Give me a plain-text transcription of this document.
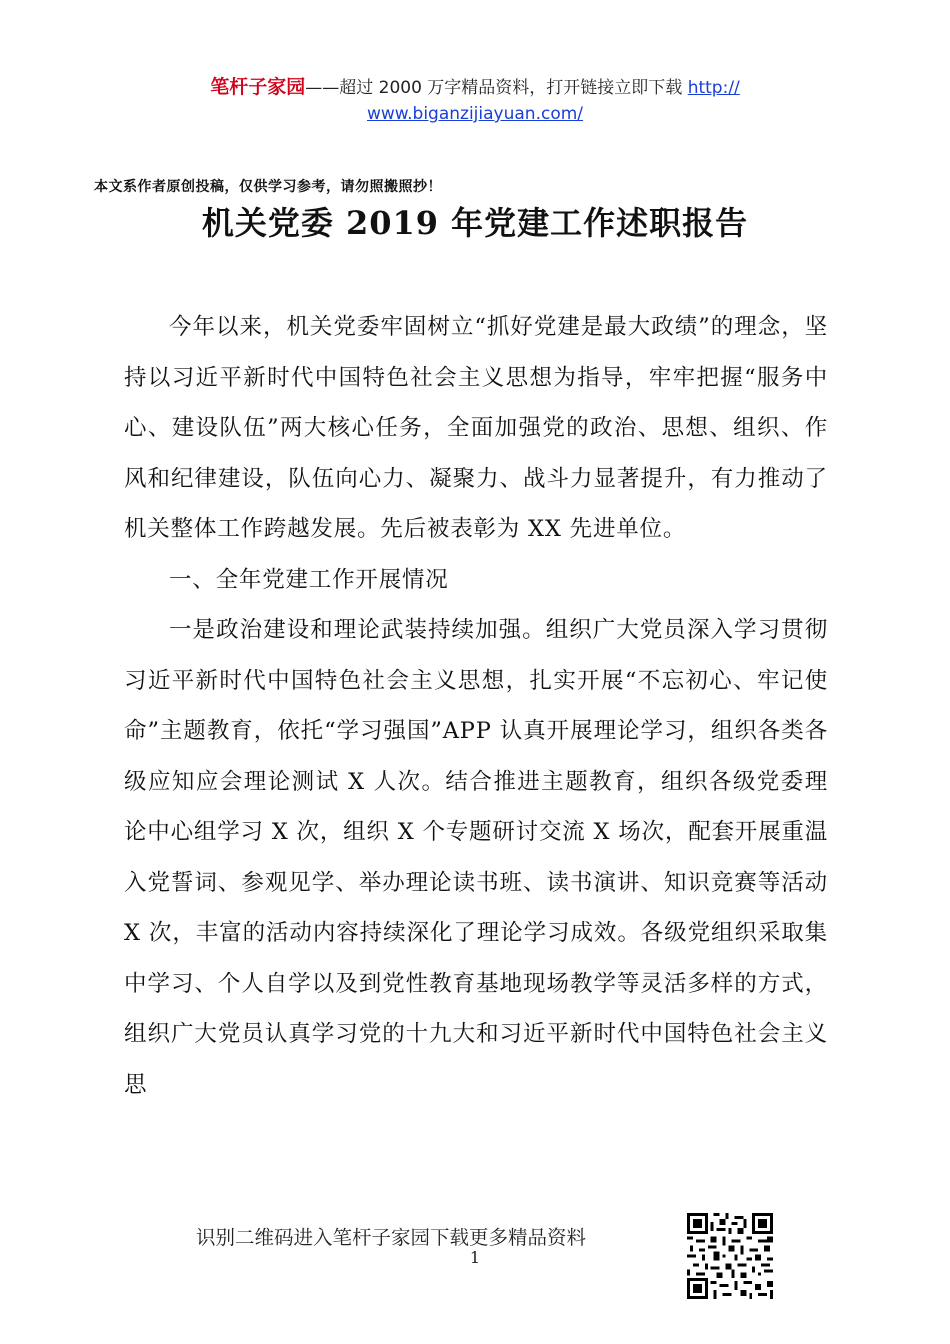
笔杆子家园——超过 2000 万字精品资料，打开链接立即下载 http://
www.biganzijiayuan.com/
本文系作者原创投稿，仅供学习参考，请勿照搬照抄！
机关党委 2019 年党建工作述职报告

今年以来，机关党委牢固树立“抓好党建是最大政绩”的理念，坚持以习近平新时代中国特色社会主义思想为指导，牢牢把握“服务中心、建设队伍”两大核心任务，全面加强党的政治、思想、组织、作风和纪律建设，队伍向心力、凝聚力、战斗力显著提升，有力推动了机关整体工作跨越发展。先后被表彰为 XX 先进单位。

一、全年党建工作开展情况

一是政治建设和理论武装持续加强。组织广大党员深入学习贯彻习近平新时代中国特色社会主义思想，扎实开展“不忘初心、牢记使命”主题教育，依托“学习强国”APP 认真开展理论学习，组织各类各级应知应会理论测试 X 人次。结合推进主题教育，组织各级党委理论中心组学习 X 次，组织 X 个专题研讨交流 X 场次，配套开展重温入党誓词、参观见学、举办理论读书班、读书演讲、知识竞赛等活动 X 次，丰富的活动内容持续深化了理论学习成效。各级党组织采取集中学习、个人自学以及到党性教育基地现场教学等灵活多样的方式，组织广大党员认真学习党的十九大和习近平新时代中国特色社会主义思

识别二维码进入笔杆子家园下载更多精品资料
1
